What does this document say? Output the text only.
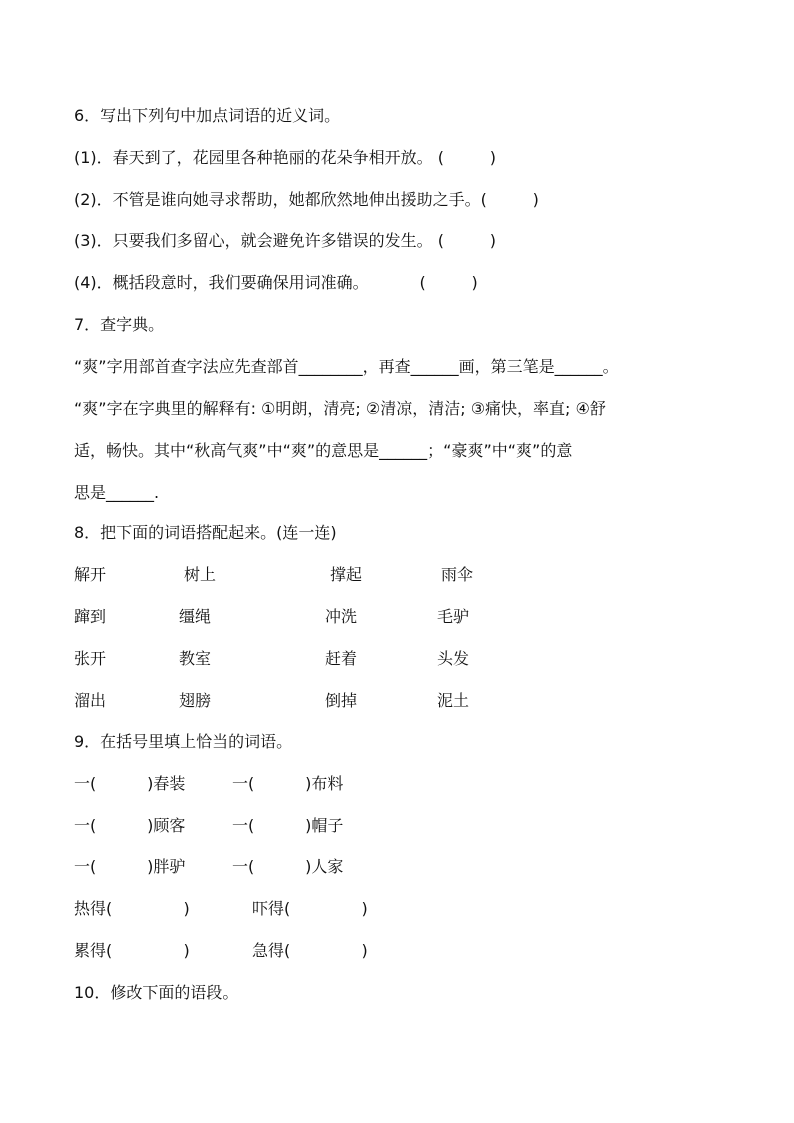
6．写出下列句中加点词语的近义词。
(1)．春天到了，花园里各种艳丽的花朵争相开放。 (         )
(2)．不管是谁向她寻求帮助，她都欣然地伸出援助之手。(         )
(3)．只要我们多留心，就会避免许多错误的发生。 (         )
(4)．概括段意时，我们要确保用词准确。          (         )
7．查字典。
“爽”字用部首查字法应先查部首________，再查______画，第三笔是______。
“爽”字在字典里的解释有: ①明朗，清亮; ②清凉，清洁; ③痛快，率直; ④舒
适，畅快。其中“秋高气爽”中“爽”的意思是______；“豪爽”中“爽”的意
思是______.
8．把下面的词语搭配起来。(连一连)
解开	树上	撑起	雨伞
蹿到	缰绳	冲洗	毛驴
张开	教室	赶着	头发
溜出	翅膀	倒掉	泥土
9．在括号里填上恰当的词语。
一(          )春装	一(          )布料
一(          )顾客	一(          )帽子
一(          )胖驴	一(          )人家
热得(              )	吓得(              )
累得(              )	急得(              )
10．修改下面的语段。
